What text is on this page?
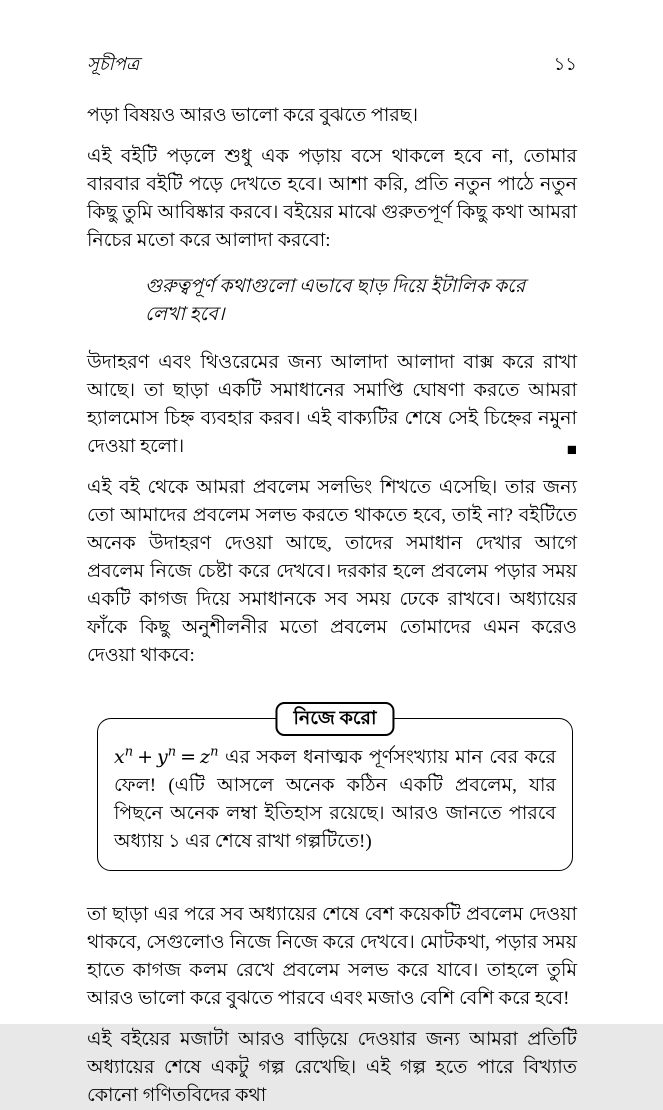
সূচীপত্র	১১

পড়া বিষয়ও আরও ভালো করে বুঝতে পারছ।

এই বইটি পড়লে শুধু এক পড়ায় বসে থাকলে হবে না, তোমার বারবার বইটি পড়ে দেখতে হবে। আশা করি, প্রতি নতুন পাঠে নতুন কিছু তুমি আবিষ্কার করবে। বইয়ের মাঝে গুরুতপূর্ণ কিছু কথা আমরা নিচের মতো করে আলাদা করবো:

গুরুত্বপূর্ণ কথাগুলো এভাবে ছাড় দিয়ে ইটালিক করে লেখা হবে।

উদাহরণ এবং থিওরেমের জন্য আলাদা আলাদা বাক্স করে রাখা আছে। তা ছাড়া একটি সমাধানের সমাপ্তি ঘোষণা করতে আমরা হ্যালমোস চিহ্ন ব্যবহার করব। এই বাক্যটির শেষে সেই চিহ্নের নমুনা দেওয়া হলো।	■

এই বই থেকে আমরা প্রবলেম সলভিং শিখতে এসেছি। তার জন্য তো আমাদের প্রবলেম সলভ করতে থাকতে হবে, তাই না? বইটিতে অনেক উদাহরণ দেওয়া আছে, তাদের সমাধান দেখার আগে প্রবলেম নিজে চেষ্টা করে দেখবে। দরকার হলে প্রবলেম পড়ার সময় একটি কাগজ দিয়ে সমাধানকে সব সময় ঢেকে রাখবে। অধ্যায়ের ফাঁকে কিছু অনুশীলনীর মতো প্রবলেম তোমাদের এমন করেও দেওয়া থাকবে:

নিজে করো
$x^n + y^n = z^n$ এর সকল ধনাত্মক পূর্ণসংখ্যায় মান বের করে ফেল! (এটি আসলে অনেক কঠিন একটি প্রবলেম, যার পিছনে অনেক লম্বা ইতিহাস রয়েছে। আরও জানতে পারবে অধ্যায় ১ এর শেষে রাখা গল্পটিতে!)

তা ছাড়া এর পরে সব অধ্যায়ের শেষে বেশ কয়েকটি প্রবলেম দেওয়া থাকবে, সেগুলোও নিজে নিজে করে দেখবে। মোটকথা, পড়ার সময় হাতে কাগজ কলম রেখে প্রবলেম সলভ করে যাবে। তাহলে তুমি আরও ভালো করে বুঝতে পারবে এবং মজাও বেশি বেশি করে হবে!

এই বইয়ের মজাটা আরও বাড়িয়ে দেওয়ার জন্য আমরা প্রতিটি অধ্যায়ের শেষে একটু গল্প রেখেছি। এই গল্প হতে পারে বিখ্যাত কোনো গণিতবিদের কথা
